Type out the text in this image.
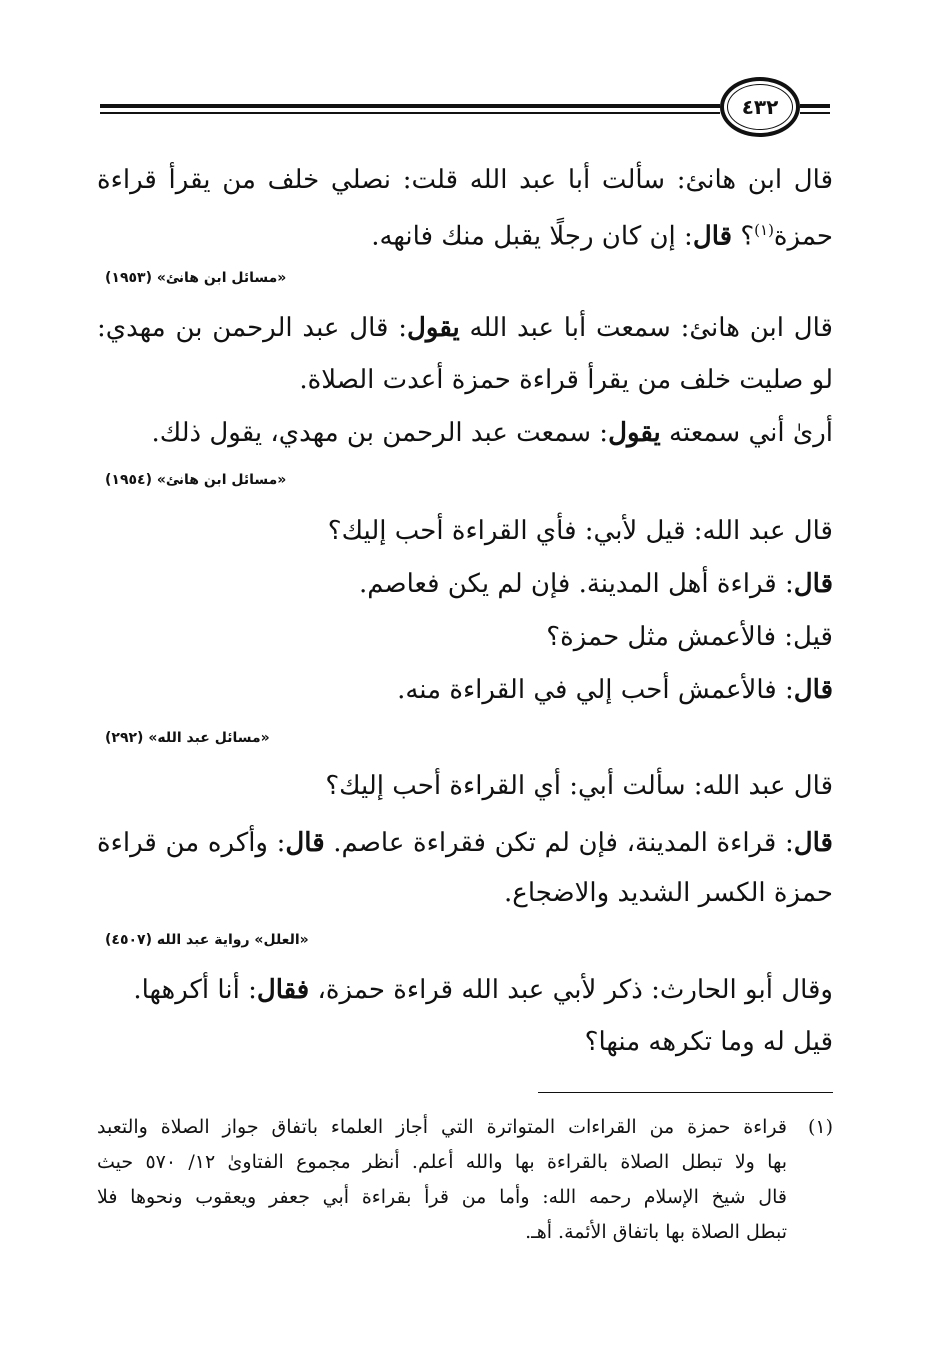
٤٣٢
قال ابن هانئ: سألت أبا عبد الله قلت: نصلي خلف من يقرأ قراءة
حمزة$^{(١)}$؟ قال: إن كان رجلًا يقبل منك فانهه.
«مسائل ابن هانئ» (١٩٥٣)
قال ابن هانئ: سمعت أبا عبد الله يقول: قال عبد الرحمن بن مهدي:
لو صليت خلف من يقرأ قراءة حمزة أعدت الصلاة.
أرىٰ أني سمعته يقول: سمعت عبد الرحمن بن مهدي، يقول ذلك.
«مسائل ابن هانئ» (١٩٥٤)
قال عبد الله: قيل لأبي: فأي القراءة أحب إليك؟
قال: قراءة أهل المدينة. فإن لم يكن فعاصم.
قيل: فالأعمش مثل حمزة؟
قال: فالأعمش أحب إلي في القراءة منه.
«مسائل عبد الله» (٢٩٢)
قال عبد الله: سألت أبي: أي القراءة أحب إليك؟
قال: قراءة المدينة، فإن لم تكن فقراءة عاصم. قال: وأكره من قراءة
حمزة الكسر الشديد والاضجاع.
«العلل» رواية عبد الله (٤٥٠٧)
وقال أبو الحارث: ذكر لأبي عبد الله قراءة حمزة، فقال: أنا أكرهها.
قيل له وما تكرهه منها؟
(١)
قراءة حمزة من القراءات المتواترة التي أجاز العلماء باتفاق جواز الصلاة والتعبد
بها ولا تبطل الصلاة بالقراءة بها والله أعلم. أنظر مجموع الفتاوىٰ ١٢/ ٥٧٠ حيث
قال شيخ الإسلام رحمه الله: وأما من قرأ بقراءة أبي جعفر ويعقوب ونحوها فلا
تبطل الصلاة بها باتفاق الأئمة. أهـ.
